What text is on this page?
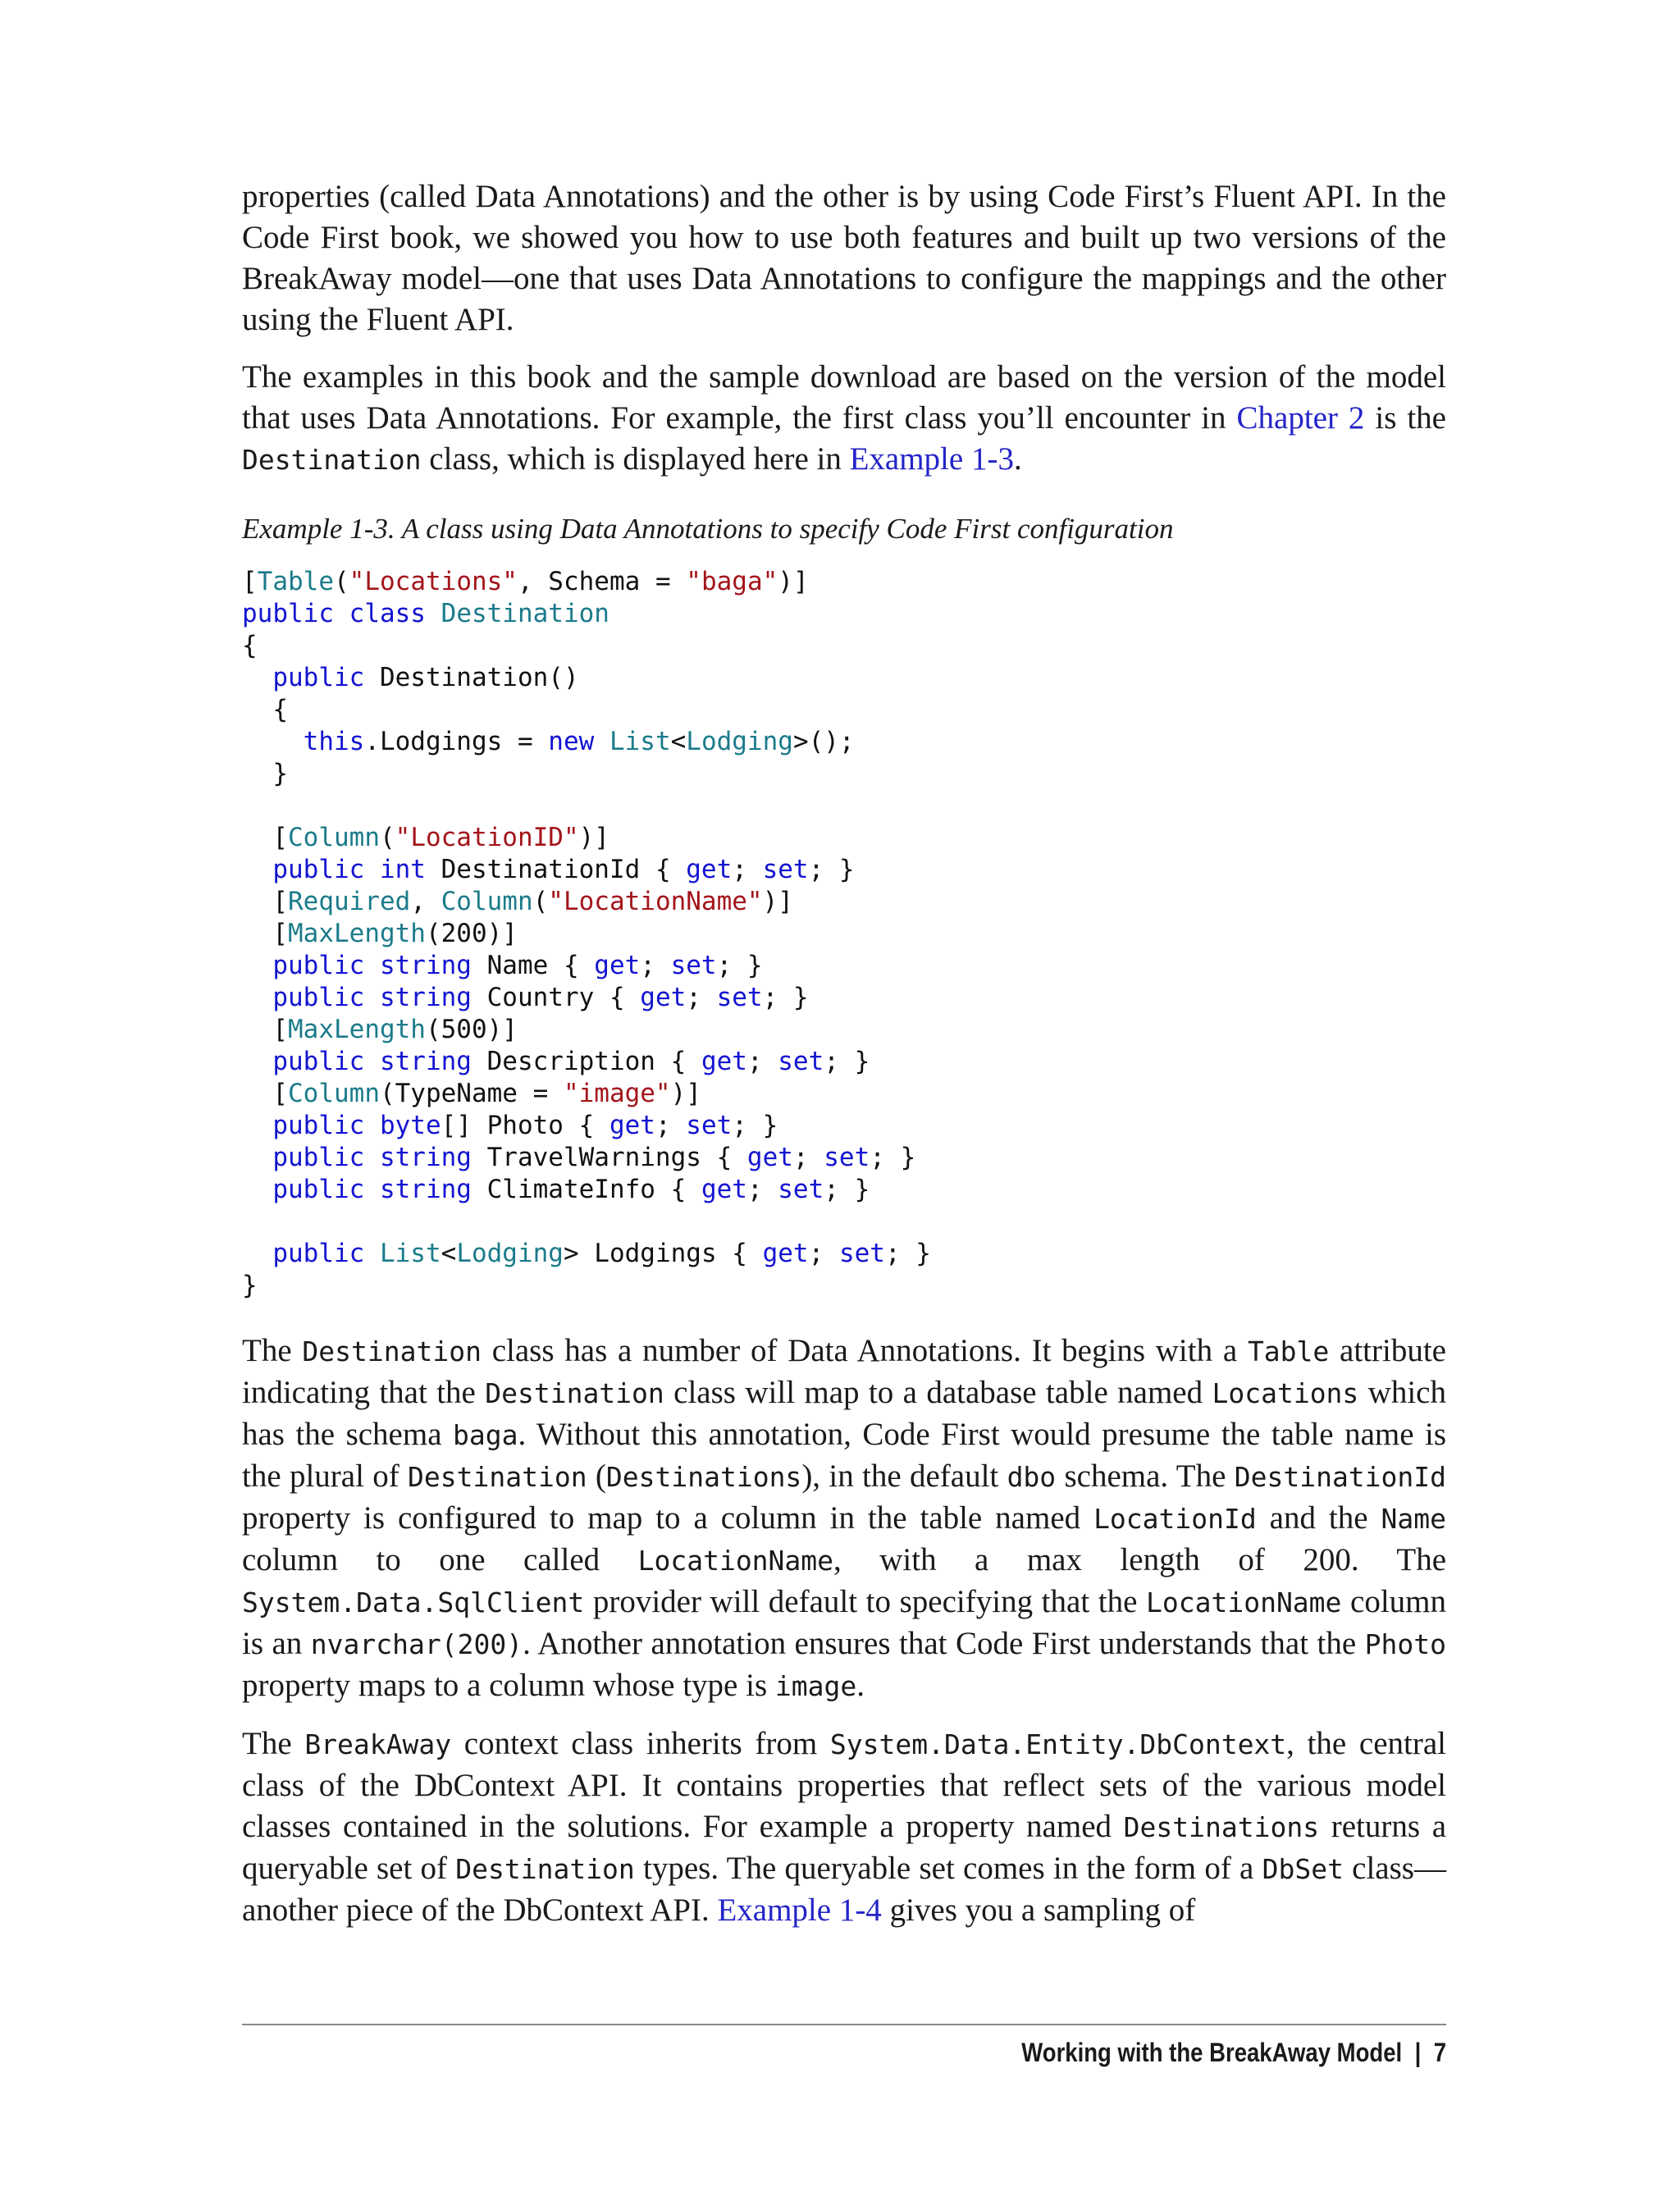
properties (called Data Annotations) and the other is by using Code First’s Fluent API. In the Code First book, we showed you how to use both features and built up two versions of the BreakAway model—one that uses Data Annotations to configure the mappings and the other using the Fluent API.

The examples in this book and the sample download are based on the version of the model that uses Data Annotations. For example, the first class you’ll encounter in Chapter 2 is the Destination class, which is displayed here in Example 1-3.

Example 1-3. A class using Data Annotations to specify Code First configuration
[Table("Locations", Schema = "baga")]
public class Destination
{
public Destination()
{
this.Lodgings = new List<Lodging>();
}
[Column("LocationID")]
public int DestinationId { get; set; }
[Required, Column("LocationName")]
[MaxLength(200)]
public string Name { get; set; }
public string Country { get; set; }
[MaxLength(500)]
public string Description { get; set; }
[Column(TypeName = "image")]
public byte[] Photo { get; set; }
public string TravelWarnings { get; set; }
public string ClimateInfo { get; set; }
public List<Lodging> Lodgings { get; set; }
}

The Destination class has a number of Data Annotations. It begins with a Table attribute indicating that the Destination class will map to a database table named Locations which has the schema baga. Without this annotation, Code First would presume the table name is the plural of Destination (Destinations), in the default dbo schema. The DestinationId property is configured to map to a column in the table named LocationId and the Name column to one called LocationName, with a max length of 200. The System.Data.SqlClient provider will default to specifying that the LocationName column is an nvarchar(200). Another annotation ensures that Code First understands that the Photo property maps to a column whose type is image.

The BreakAway context class inherits from System.Data.Entity.DbContext, the central class of the DbContext API. It contains properties that reflect sets of the various model classes contained in the solutions. For example a property named Destinations returns a queryable set of Destination types. The queryable set comes in the form of a DbSet class—another piece of the DbContext API. Example 1-4 gives you a sampling of

Working with the BreakAway Model | 7
